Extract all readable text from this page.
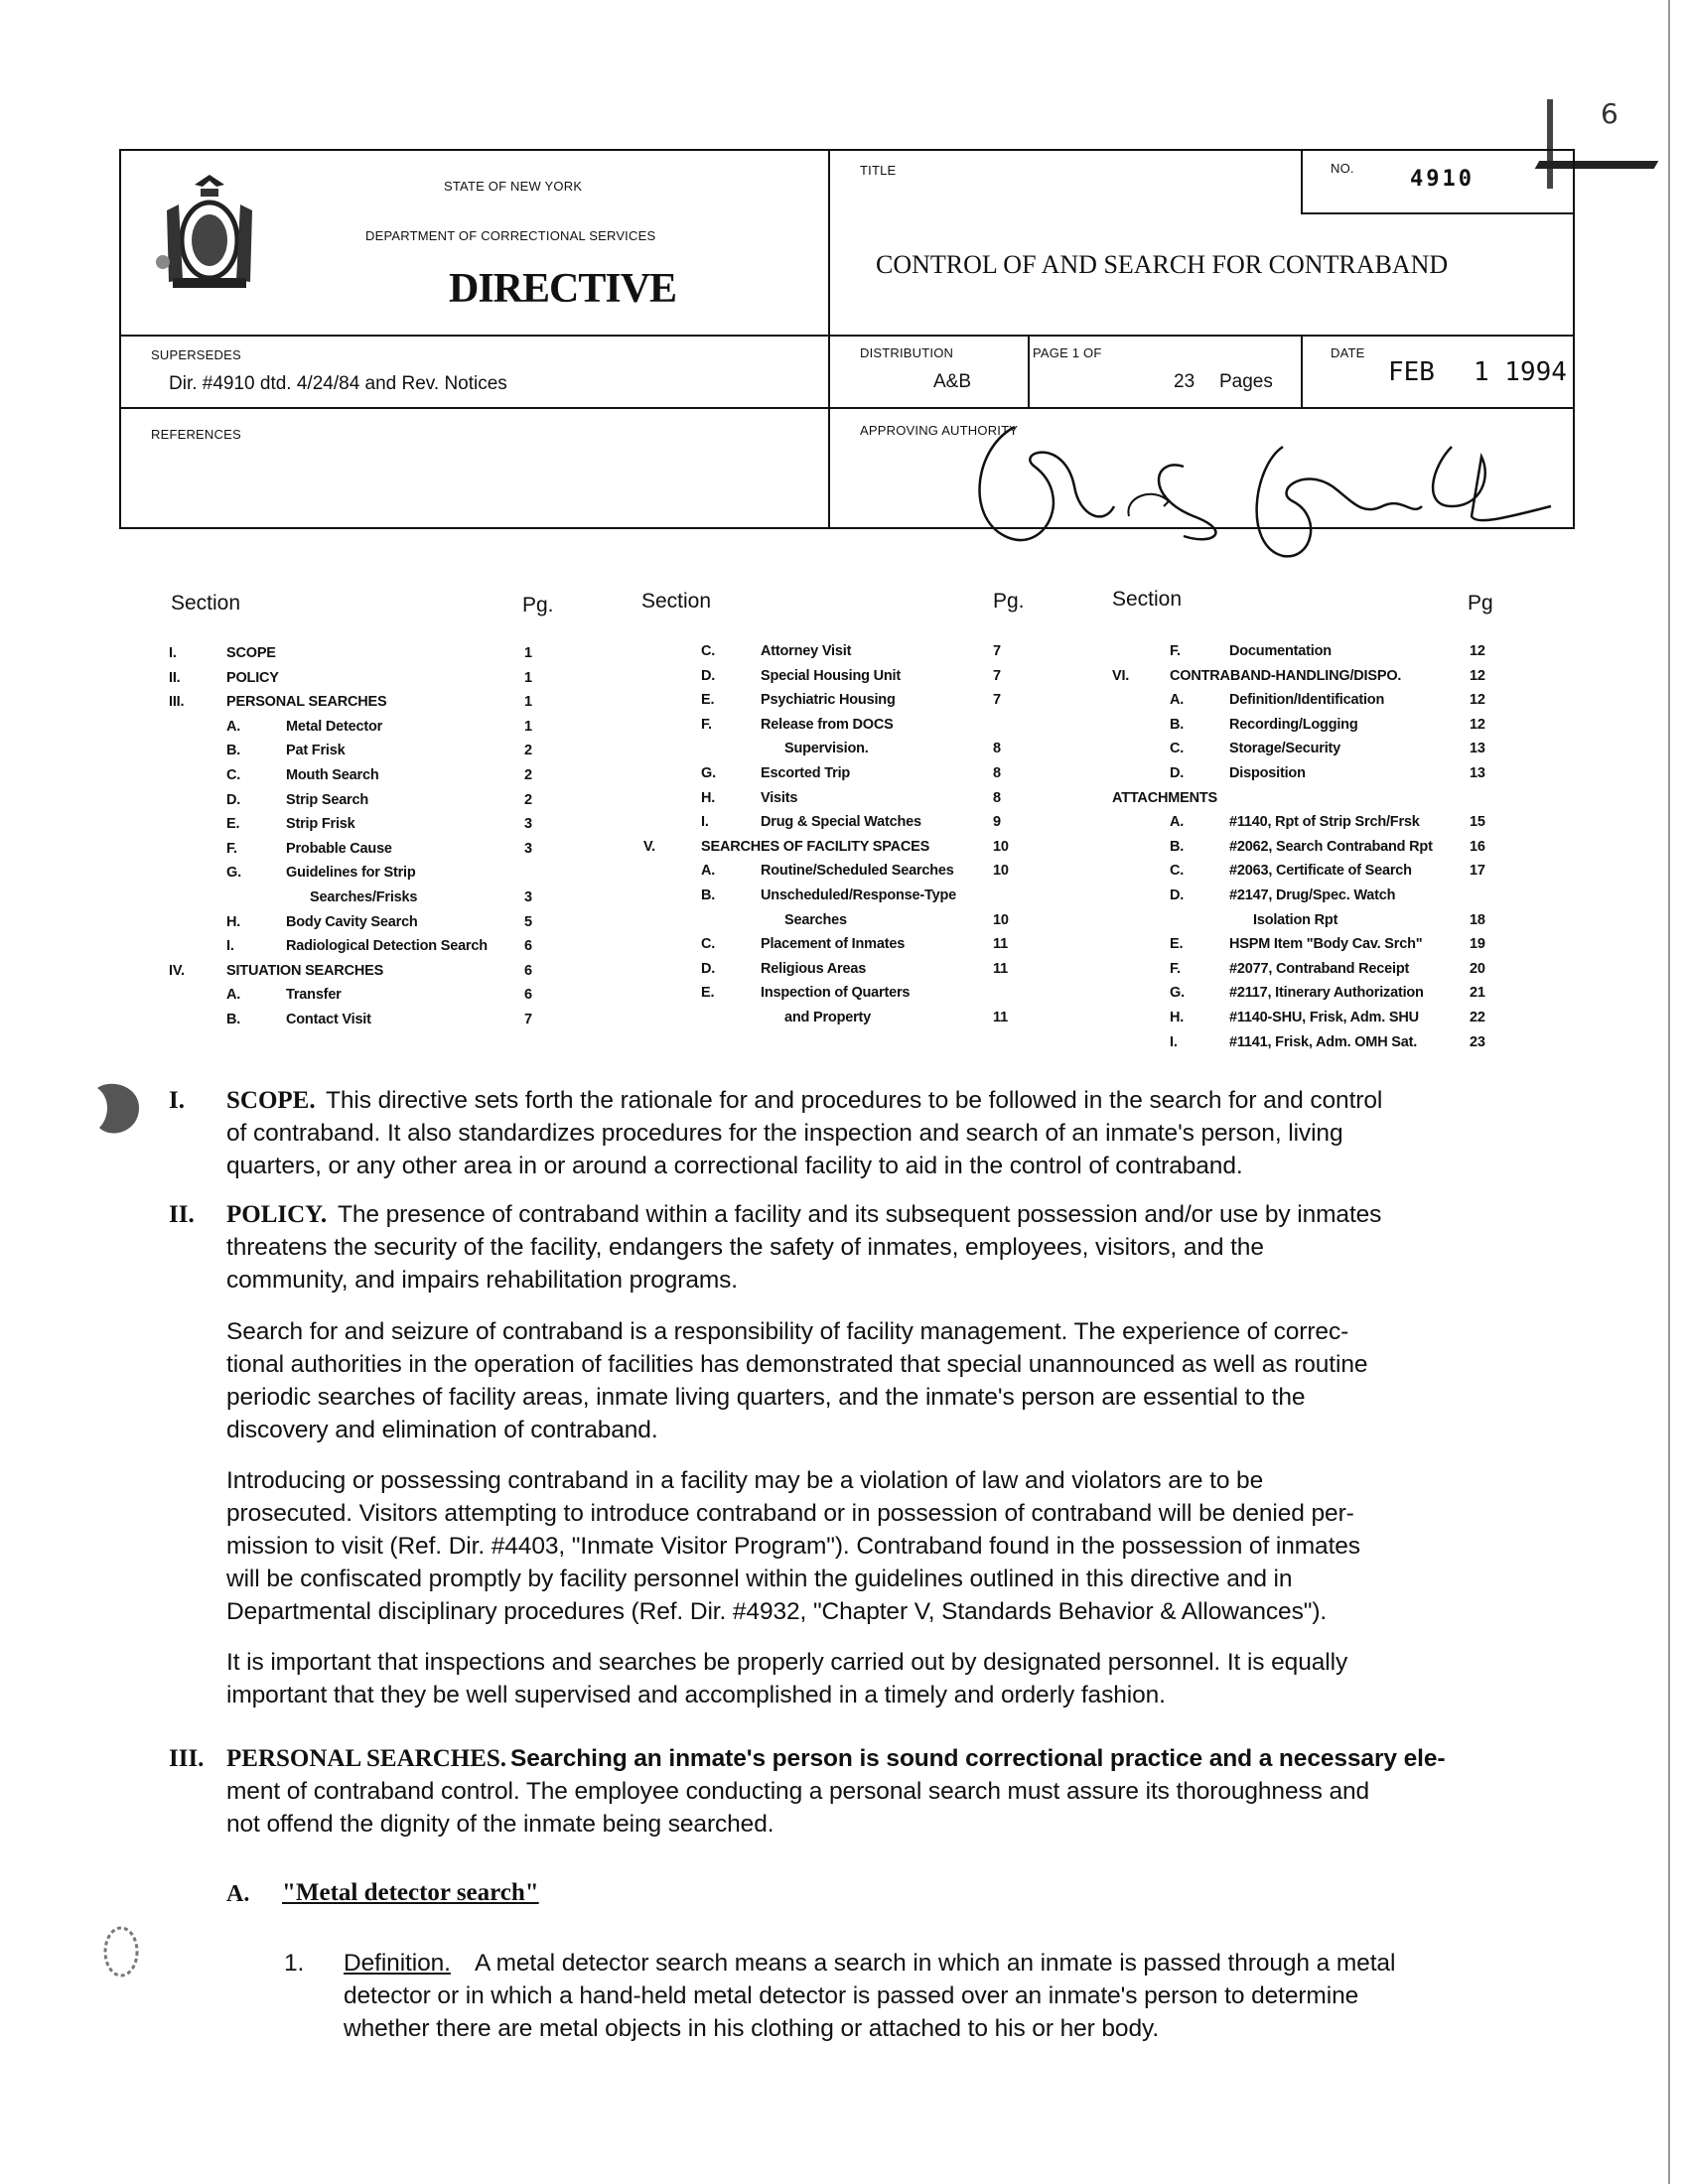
6
STATE OF NEW YORK
DEPARTMENT OF CORRECTIONAL SERVICES
DIRECTIVE
TITLE
CONTROL OF AND SEARCH FOR CONTRABAND
NO.	4910
SUPERSEDES
Dir. #4910 dtd. 4/24/84 and Rev. Notices
DISTRIBUTION
A&B
PAGE 1 OF
23 Pages
DATE
FEB 1 1994
REFERENCES	APPROVING AUTHORITY
Section	Pg.	Section	Pg.	Section	Pg
I.	SCOPE	1
II.	POLICY	1
III.	PERSONAL SEARCHES	1
A.	Metal Detector	1
B.	Pat Frisk	2
C.	Mouth Search	2
D.	Strip Search	2
E.	Strip Frisk	3
F.	Probable Cause	3
G.	Guidelines for Strip
Searches/Frisks	3
H.	Body Cavity Search	5
I.	Radiological Detection Search	6
IV.	SITUATION SEARCHES	6
A.	Transfer	6
B.	Contact Visit	7
C.	Attorney Visit	7
D.	Special Housing Unit	7
E.	Psychiatric Housing	7
F.	Release from DOCS
Supervision.	8
G.	Escorted Trip	8
H.	Visits	8
I.	Drug & Special Watches	9
V.	SEARCHES OF FACILITY SPACES	10
A.	Routine/Scheduled Searches	10
B.	Unscheduled/Response-Type
Searches	10
C.	Placement of Inmates	11
D.	Religious Areas	11
E.	Inspection of Quarters
and Property	11
F.	Documentation	12
VI.	CONTRABAND-HANDLING/DISPO.	12
A.	Definition/Identification	12
B.	Recording/Logging	12
C.	Storage/Security	13
D.	Disposition	13
ATTACHMENTS
A.	#1140, Rpt of Strip Srch/Frsk	15
B.	#2062, Search Contraband Rpt	16
C.	#2063, Certificate of Search	17
D.	#2147, Drug/Spec. Watch
Isolation Rpt	18
E.	HSPM Item "Body Cav. Srch"	19
F.	#2077, Contraband Receipt	20
G.	#2117, Itinerary Authorization	21
H.	#1140-SHU, Frisk, Adm. SHU	22
I.	#1141, Frisk, Adm. OMH Sat.	23
I. SCOPE. This directive sets forth the rationale for and procedures to be followed in the search for and control
of contraband. It also standardizes procedures for the inspection and search of an inmate's person, living
quarters, or any other area in or around a correctional facility to aid in the control of contraband.
II. POLICY. The presence of contraband within a facility and its subsequent possession and/or use by inmates
threatens the security of the facility, endangers the safety of inmates, employees, visitors, and the
community, and impairs rehabilitation programs.
Search for and seizure of contraband is a responsibility of facility management. The experience of correc-
tional authorities in the operation of facilities has demonstrated that special unannounced as well as routine
periodic searches of facility areas, inmate living quarters, and the inmate's person are essential to the
discovery and elimination of contraband.
Introducing or possessing contraband in a facility may be a violation of law and violators are to be
prosecuted. Visitors attempting to introduce contraband or in possession of contraband will be denied per-
mission to visit (Ref. Dir. #4403, "Inmate Visitor Program"). Contraband found in the possession of inmates
will be confiscated promptly by facility personnel within the guidelines outlined in this directive and in
Departmental disciplinary procedures (Ref. Dir. #4932, "Chapter V, Standards Behavior & Allowances").
It is important that inspections and searches be properly carried out by designated personnel. It is equally
important that they be well supervised and accomplished in a timely and orderly fashion.
III. PERSONAL SEARCHES. Searching an inmate's person is sound correctional practice and a necessary ele-
ment of contraband control. The employee conducting a personal search must assure its thoroughness and
not offend the dignity of the inmate being searched.
A. "Metal detector search"
1. Definition. A metal detector search means a search in which an inmate is passed through a metal
detector or in which a hand-held metal detector is passed over an inmate's person to determine
whether there are metal objects in his clothing or attached to his or her body.
